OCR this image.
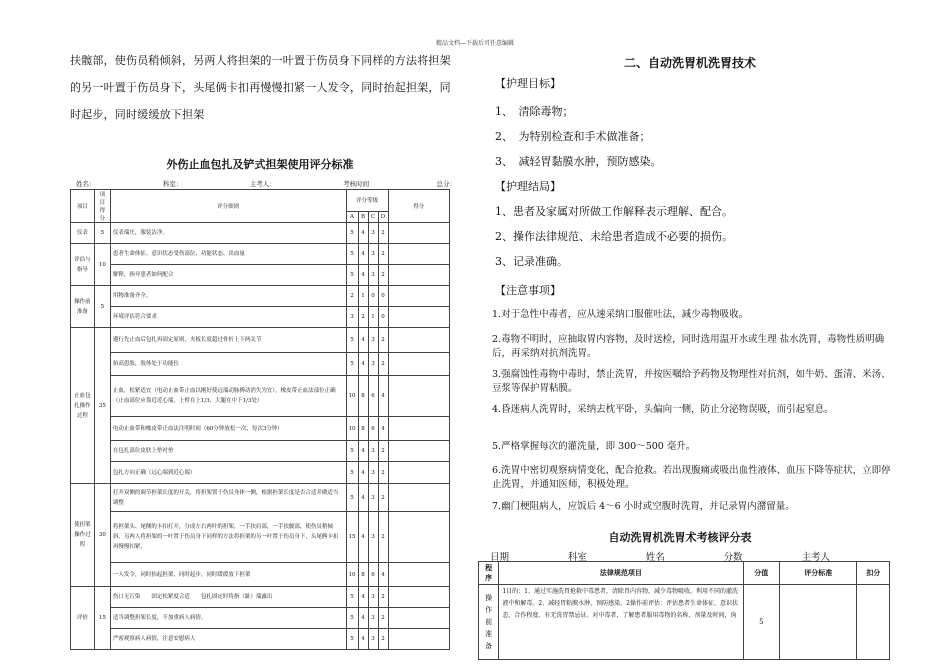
精品文档---下载后可任意编辑
扶髋部，使伤员稍倾斜，另两人将担架的一叶置于伤员身下同样的方法将担架
的另一叶置于伤员身下，头尾俩卡扣再慢慢扣紧一人发令，同时抬起担架，同
时起步，同时缓缓放下担架
外伤止血包扎及铲式担架使用评分标准
姓名：	科室：	主考人：	考核时间	总分：
项目	项目得分	评分细则	评分等级				得分
			A	B	C	D	
仪表	5	仪表端庄，服装洁净。	5	4	3	2	
评估与指导	10	患者生命体征、意识状态受伤部位、功能状态、出血量	5	4	3	2	
		解释，指导患者如何配合	5	4	3	2	
操作前准备	5	用物准备齐全。	2	1	0	0	
		环境评估符合要求	3	2	1	0	
止血包扎操作过程	35	遵行先止血后包扎再固定原则，夹板长度超过骨折上下两关节	5	4	3	2	
		抬高患肢，肢体处于功能位	5	4	3	2	
		止血，松紧适宜（电动止血带止血以刚好使远端动脉搏动消失为宜），橡皮带止血法部位正确（止血部位应靠近近心端，上臂在上1/3，大腿在中下1/3处）	10	8	6	4	
		电动止血带和橡皮带止血法注明时间（60分钟放松一次，每次3分钟）	10	8	6	4	
		在包扎部位皮肤上垫衬垫	5	4	3	2	
		包扎方向正确（远心端到近心端）	5	4	3	2	
使担架操作过程	30	打开双侧的调节担架长度的开关，将担架置于伤员身体一侧，根据担架长度是否合适并做适当调整	5	4	3	2	
		将担架头、尾侧的卡扣打开，分成左右两叶的担架。一手扶肩部，一手扶髋部，使伤员稍倾斜，另两人将担架的一叶置于伤员身下同样的方法将担架的另一叶置于伤员身下，头尾俩卡扣再慢慢扣紧，	15	4	3	2	
		一人发令，同时抬起担架，同时起步，同时缓缓放下担架	10	8	6	4	
评价	15	伤口无污染　　固定松紧度合适　　包扎固定时将指（趾）端露出	5	4	3	2	
		适当调整担架长度，不加重病人病情。	5	4	3	2	
		严密观察病人病情，注意安慰病人	5	4	3	2	
二、自动洗胃机洗胃技术
【护理目标】
1、　清除毒物；
2、　为特别检查和手术做准备；
3、　减轻胃黏膜水肿，预防感染。
【护理结局】
1、患者及家属对所做工作解释表示理解、配合。
2、操作法律规范、未给患者造成不必要的损伤。
3、记录准确。
【注意事项】
1.对于急性中毒者，应从速采纳口服催吐法，减少毒物吸收。
2.毒物不明时，应抽取胃内容物，及时送检，同时选用温开水或生理 盐水洗胃，毒物性质明确后，再采纳对抗剂洗胃。
3.强腐蚀性毒物中毒时，禁止洗胃，并按医嘱给予药物及物理性对抗剂，如牛奶、蛋清、米汤、 豆浆等保护胃粘膜。
4.昏迷病人洗胃时，采纳去枕平卧，头偏向一侧，防止分泌物误吸，而引起窒息。
5.严格掌握每次的灌洗量，即 300～500 毫升。
6.洗胃中密切观察病情变化，配合抢救。若出现腹痛或吸出血性液体、血压下降等症状，立即停 止洗胃，并通知医师，积极处理。
7.幽门梗阻病人，应饭后 4～6 小时或空腹时洗胃，并记录胃内潴留量。
自动洗胃机洗胃术考核评分表
日期	科室	姓名	分数	主考人
程序	法律规范项目	分值	评分标准	扣分
操作前准备	1目的：1、通过实施洗胃抢救中毒患者，清除胃内容物，减少毒物吸收，利用不同的灌洗液中和解毒。2、减轻胃粘膜水肿，预防感染。2操作前评估：评估患者生命体征、意识状态、合作程度、有无洗胃禁忌证。对中毒者，了解患者服用毒物的名称、剂量及时间，询	5		
